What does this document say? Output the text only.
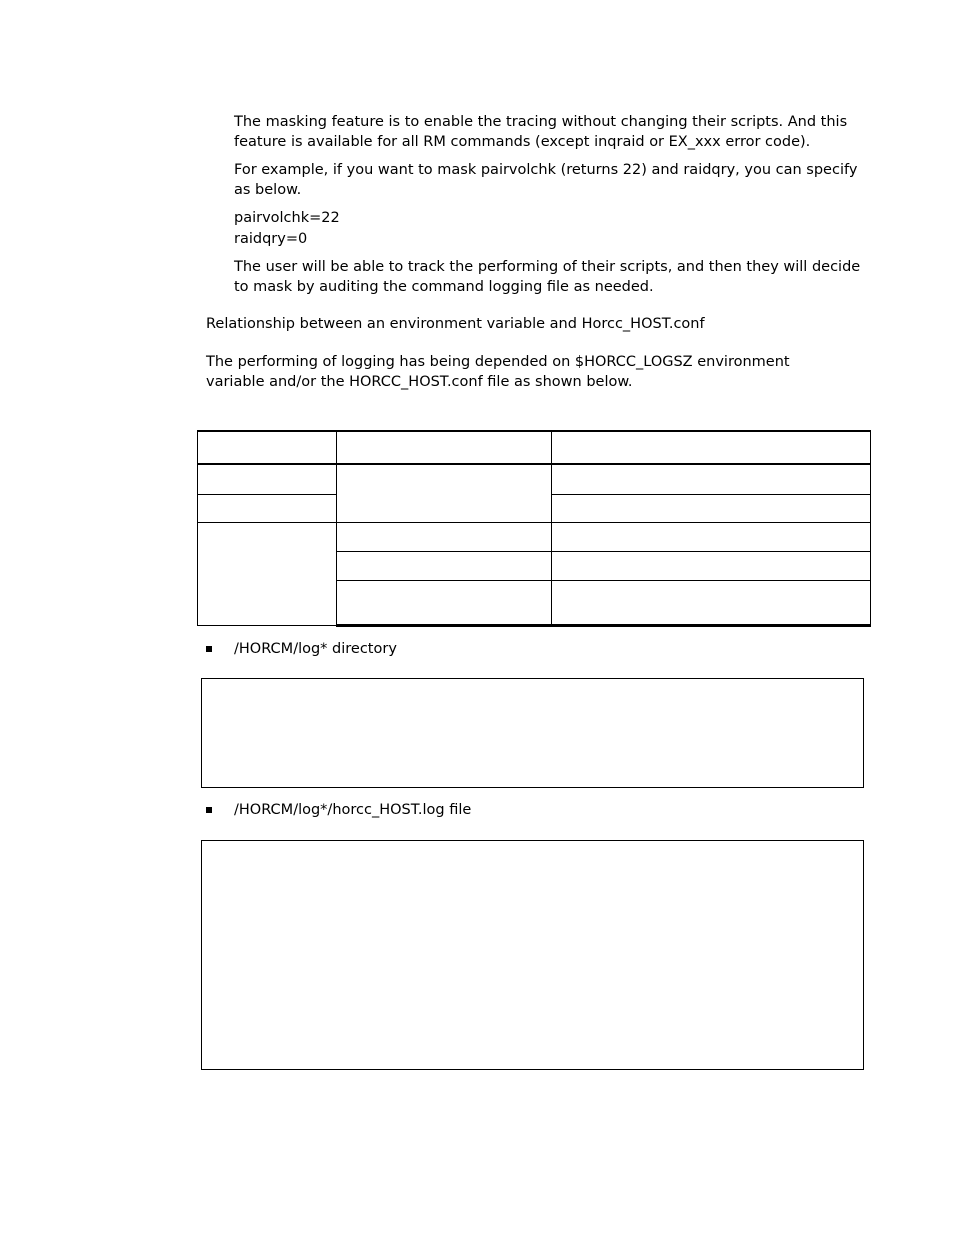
The masking feature is to enable the tracing without changing their scripts. And this feature is available for all RM commands (except inqraid or EX_xxx error code).

For example, if you want to mask pairvolchk (returns 22) and raidqry, you can specify as below.

pairvolchk=22

raidqry=0

The user will be able to track the performing of their scripts, and then they will decide to mask by auditing the command logging file as needed.

Relationship between an environment variable and Horcc_HOST.conf

The performing of logging has being depended on $HORCC_LOGSZ environment variable and/or the HORCC_HOST.conf file as shown below.

/HORCM/log* directory
/HORCM/log*/horcc_HOST.log file
